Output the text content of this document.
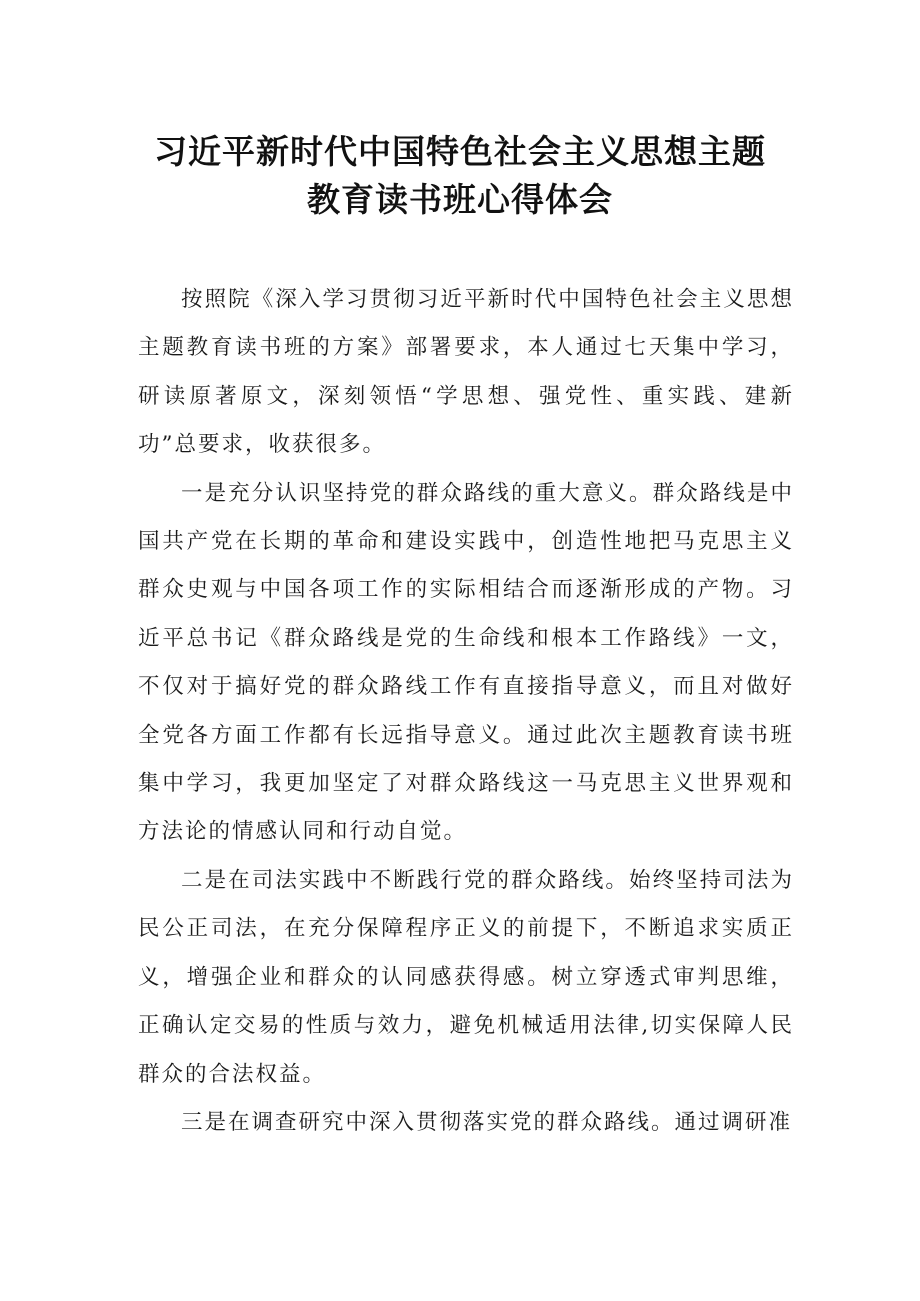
习近平新时代中国特色社会主义思想主题
教育读书班心得体会

按照院《深入学习贯彻习近平新时代中国特色社会主义思想主题教育读书班的方案》部署要求，本人通过七天集中学习，研读原著原文，深刻领悟“学思想、强党性、重实践、建新功”总要求，收获很多。

一是充分认识坚持党的群众路线的重大意义。群众路线是中国共产党在长期的革命和建设实践中，创造性地把马克思主义群众史观与中国各项工作的实际相结合而逐渐形成的产物。习近平总书记《群众路线是党的生命线和根本工作路线》一文，不仅对于搞好党的群众路线工作有直接指导意义，而且对做好全党各方面工作都有长远指导意义。通过此次主题教育读书班集中学习，我更加坚定了对群众路线这一马克思主义世界观和方法论的情感认同和行动自觉。

二是在司法实践中不断践行党的群众路线。始终坚持司法为民公正司法，在充分保障程序正义的前提下，不断追求实质正义，增强企业和群众的认同感获得感。树立穿透式审判思维，正确认定交易的性质与效力，避免机械适用法律,切实保障人民群众的合法权益。

三是在调查研究中深入贯彻落实党的群众路线。通过调研准
